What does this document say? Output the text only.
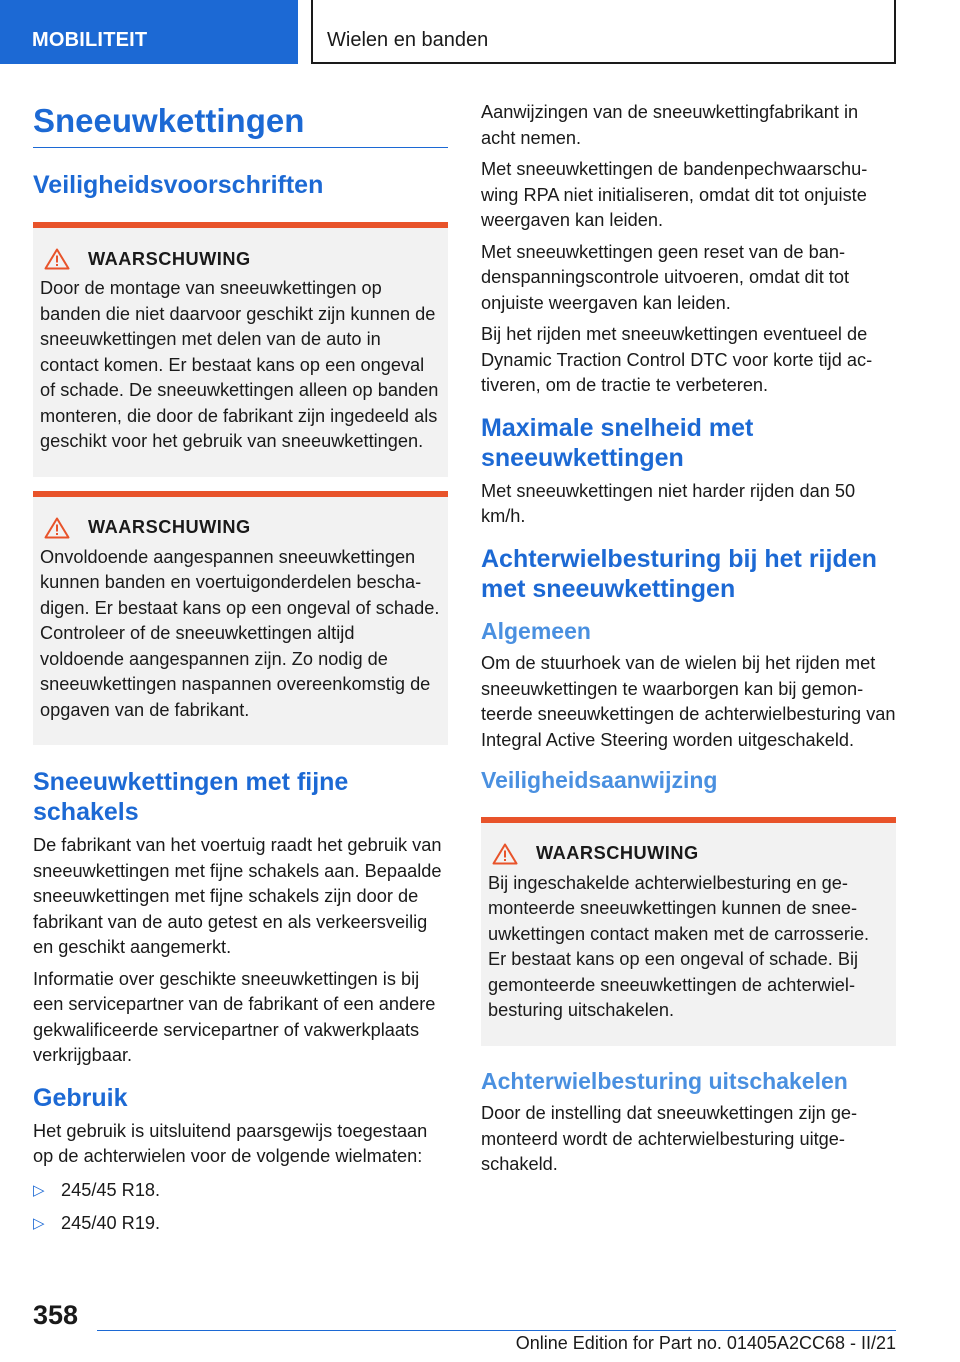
MOBILITEIT	Wielen en banden
Sneeuwkettingen
Veiligheidsvoorschriften
WAARSCHUWING

Door de montage van sneeuwkettingen op banden die niet daarvoor geschikt zijn kunnen de sneeuwkettingen met delen van de auto in contact komen. Er bestaat kans op een ongeval of schade. De sneeuwkettingen alleen op banden monteren, die door de fabrikant zijn ingedeeld als geschikt voor het gebruik van sneeuwkettingen.

WAARSCHUWING

Onvoldoende aangespannen sneeuwkettingen kunnen banden en voertuigonderdelen beschadigen. Er bestaat kans op een ongeval of schade. Controleer of de sneeuwkettingen altijd voldoende aangespannen zijn. Zo nodig de sneeuwkettingen naspannen overeenkomstig de opgaven van de fabrikant.

Sneeuwkettingen met fijne schakels

De fabrikant van het voertuig raadt het gebruik van sneeuwkettingen met fijne schakels aan. Bepaalde sneeuwkettingen met fijne schakels zijn door de fabrikant van de auto getest en als verkeersveilig en geschikt aangemerkt.

Informatie over geschikte sneeuwkettingen is bij een servicepartner van de fabrikant of een andere gekwalificeerde servicepartner of vakwerkplaats verkrijgbaar.

Gebruik

Het gebruik is uitsluitend paarsgewijs toegestaan op de achterwielen voor de volgende wielmaten:

▷ 245/45 R18.
▷ 245/40 R19.

Aanwijzingen van de sneeuwkettingfabrikant in acht nemen.

Met sneeuwkettingen de bandenpechwaarschuwing RPA niet initialiseren, omdat dit tot onjuiste weergaven kan leiden.

Met sneeuwkettingen geen reset van de bandenspanningscontrole uitvoeren, omdat dit tot onjuiste weergaven kan leiden.

Bij het rijden met sneeuwkettingen eventueel de Dynamic Traction Control DTC voor korte tijd activeren, om de tractie te verbeteren.

Maximale snelheid met sneeuwkettingen

Met sneeuwkettingen niet harder rijden dan 50 km/h.

Achterwielbesturing bij het rijden met sneeuwkettingen
Algemeen

Om de stuurhoek van de wielen bij het rijden met sneeuwkettingen te waarborgen kan bij gemonteerde sneeuwkettingen de achterwielbesturing van Integral Active Steering worden uitgeschakeld.

Veiligheidsaanwijzing
WAARSCHUWING

Bij ingeschakelde achterwielbesturing en gemonteerde sneeuwkettingen kunnen de sneeuwkettingen contact maken met de carrosserie. Er bestaat kans op een ongeval of schade. Bij gemonteerde sneeuwkettingen de achterwielbesturing uitschakelen.

Achterwielbesturing uitschakelen

Door de instelling dat sneeuwkettingen zijn gemonteerd wordt de achterwielbesturing uitgeschakeld.

358
Online Edition for Part no. 01405A2CC68 - II/21
